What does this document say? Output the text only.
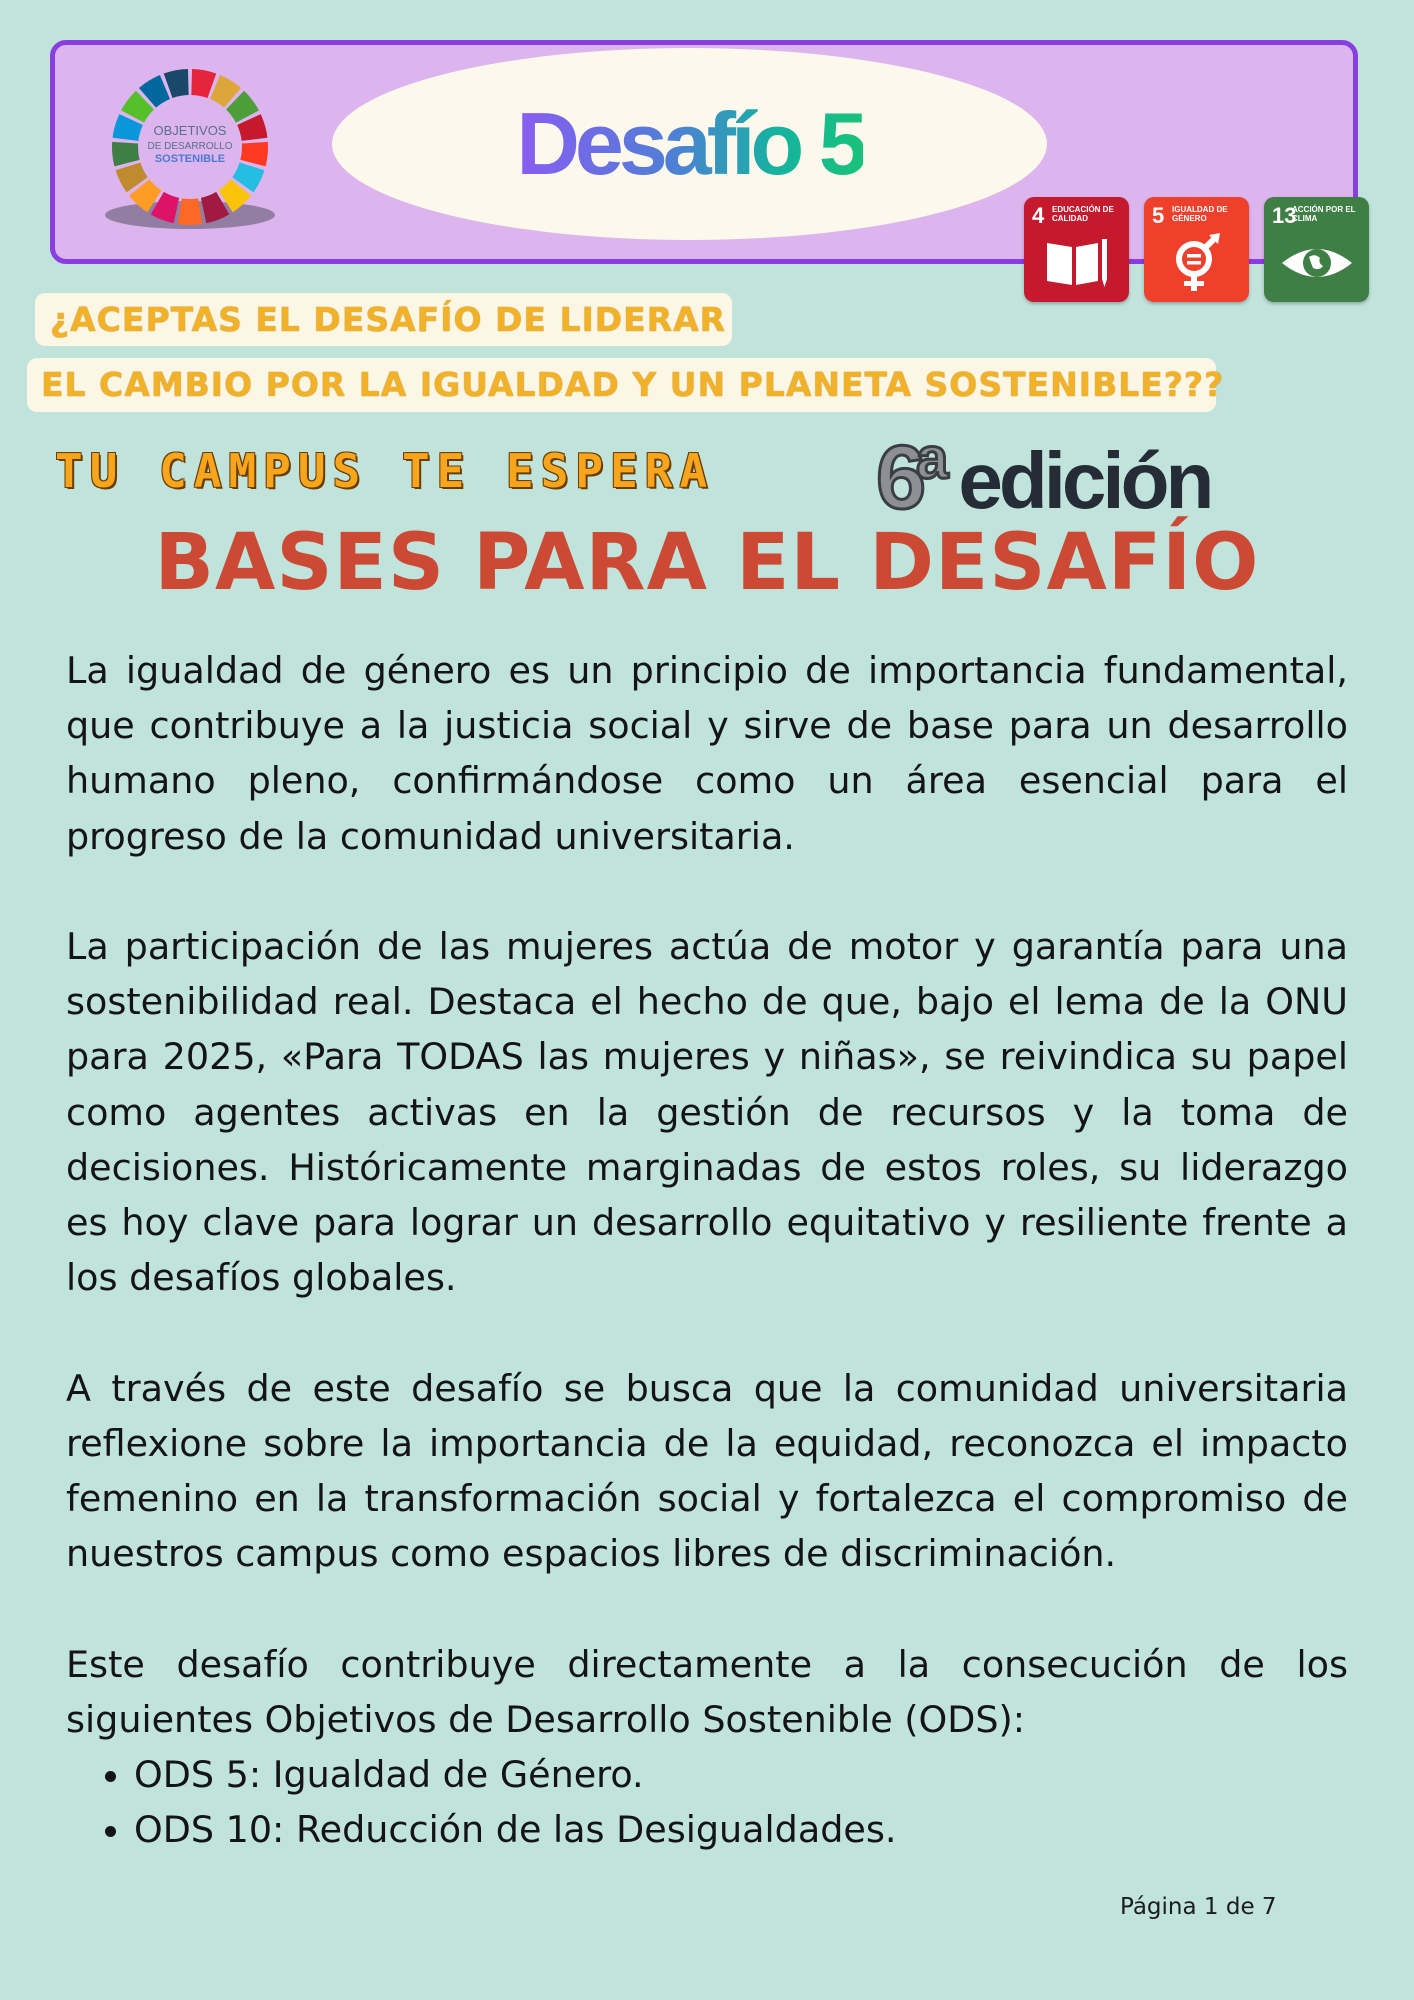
OBJETIVOS
DE DESARROLLO
SOSTENIBLE	Desafío 5
4 EDUCACIÓN DE CALIDAD	5 IGUALDAD DE GÉNERO	13
ACCIÓN POR EL CLIMA
¿ACEPTAS EL DESAFÍO DE LIDERAR
EL CAMBIO POR LA IGUALDAD Y UN PLANETA SOSTENIBLE???
TU CAMPUS TE ESPERA 6a edición
BASES PARA EL DESAFÍO

La igualdad de género es un principio de importancia fundamental, que contribuye a la justicia social y sirve de base para un desarrollo humano pleno, confirmándose como un área esencial para el progreso de la comunidad universitaria.

La participación de las mujeres actúa de motor y garantía para una sostenibilidad real. Destaca el hecho de que, bajo el lema de la ONU para 2025, «Para TODAS las mujeres y niñas», se reivindica su papel como agentes activas en la gestión de recursos y la toma de decisiones. Históricamente marginadas de estos roles, su liderazgo es hoy clave para lograr un desarrollo equitativo y resiliente frente a los desafíos globales.

A través de este desafío se busca que la comunidad universitaria reflexione sobre la importancia de la equidad, reconozca el impacto femenino en la transformación social y fortalezca el compromiso de nuestros campus como espacios libres de discriminación.

Este desafío contribuye directamente a la consecución de los siguientes Objetivos de Desarrollo Sostenible (ODS):

• ODS 5: Igualdad de Género.
• ODS 10: Reducción de las Desigualdades.
Página 1 de 7
